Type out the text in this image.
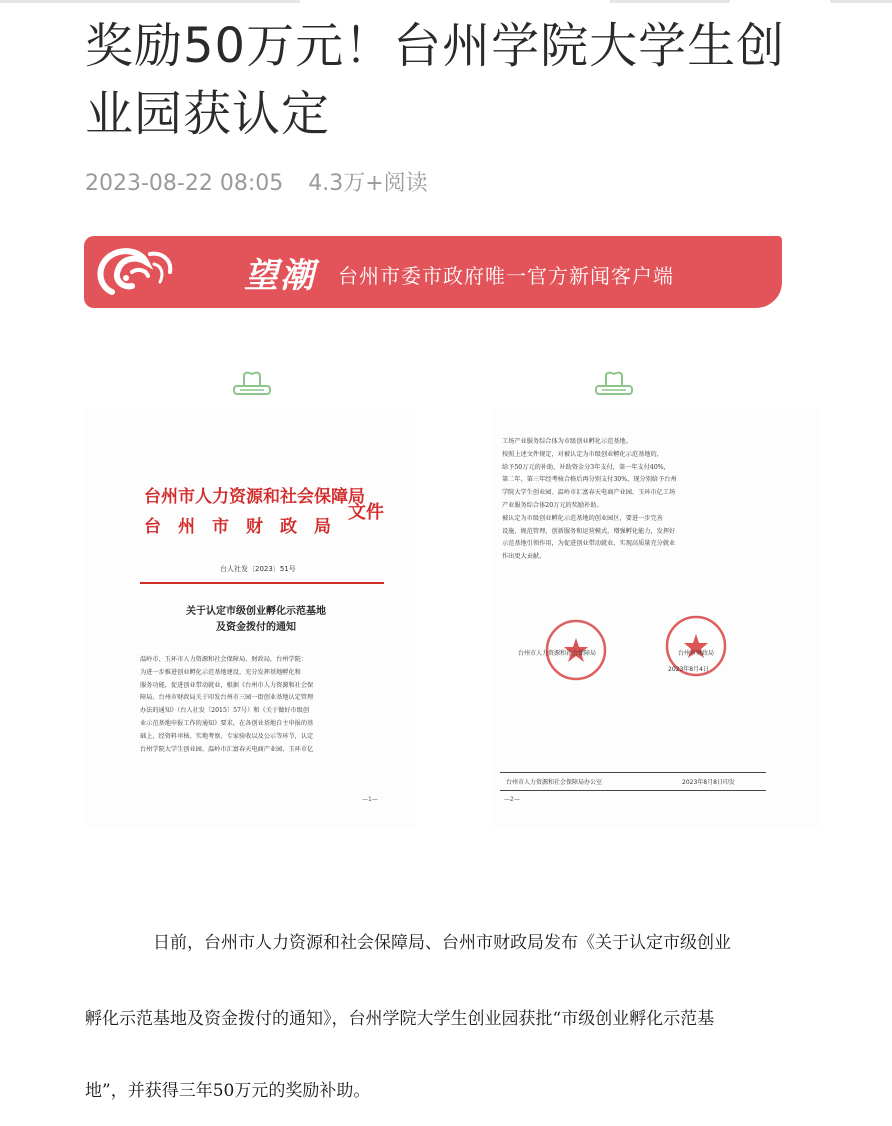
奖励50万元！台州学院大学生创业园获认定
2023-08-22 08:05 4.3万+阅读
望潮 台州市委市政府唯一官方新闻客户端
台州市人力资源和社会保障局
台州市财政局
文件
台人社发〔2023〕51号
关于认定市级创业孵化示范基地
及资金拨付的通知
温岭市、玉环市人力资源和社会保障局、财政局，台州学院：
为进一步推进创业孵化示范基地建设，充分发挥基地孵化和
服务功能，促进创业带动就业，根据《台州市人力资源和社会保
障局、台州市财政局关于印发台州市三园一街创业基地认定管理
办法的通知》（台人社发〔2015〕57号）和《关于做好市级创
业示范基地申报工作的通知》要求，在各创业基地自主申报的基
础上，经资料审核、实地考察、专家验收以及公示等环节，认定
台州学院大学生创业园、温岭市汇富春天电商产业园、玉环市亿
—1—
工场产业服务综合体为市级创业孵化示范基地。
按照上述文件规定，对被认定为市级创业孵化示范基地的，
给予50万元的补助，补助资金分3年支付，第一年支付40%，
第二年、第三年经考核合格后再分别支付30%，现分别给予台州
学院大学生创业园、温岭市汇富春天电商产业园、玉环市亿工场
产业服务综合体20万元的奖励补助。
被认定为市级创业孵化示范基地的创业园区，要进一步完善
设施，规范管理，创新服务和运营模式，增强孵化能力，发挥好
示范基地引领作用，为促进创业带动就业、实现高质量充分就业
作出更大贡献。
台州市人力资源和社会保障局	台州市财政局
2023年8月4日
台州市人力资源和社会保障局办公室	2023年8月8日印发
—2—

日前，台州市人力资源和社会保障局、台州市财政局发布《关于认定市级创业

孵化示范基地及资金拨付的通知》，台州学院大学生创业园获批“市级创业孵化示范基

地”，并获得三年50万元的奖励补助。
